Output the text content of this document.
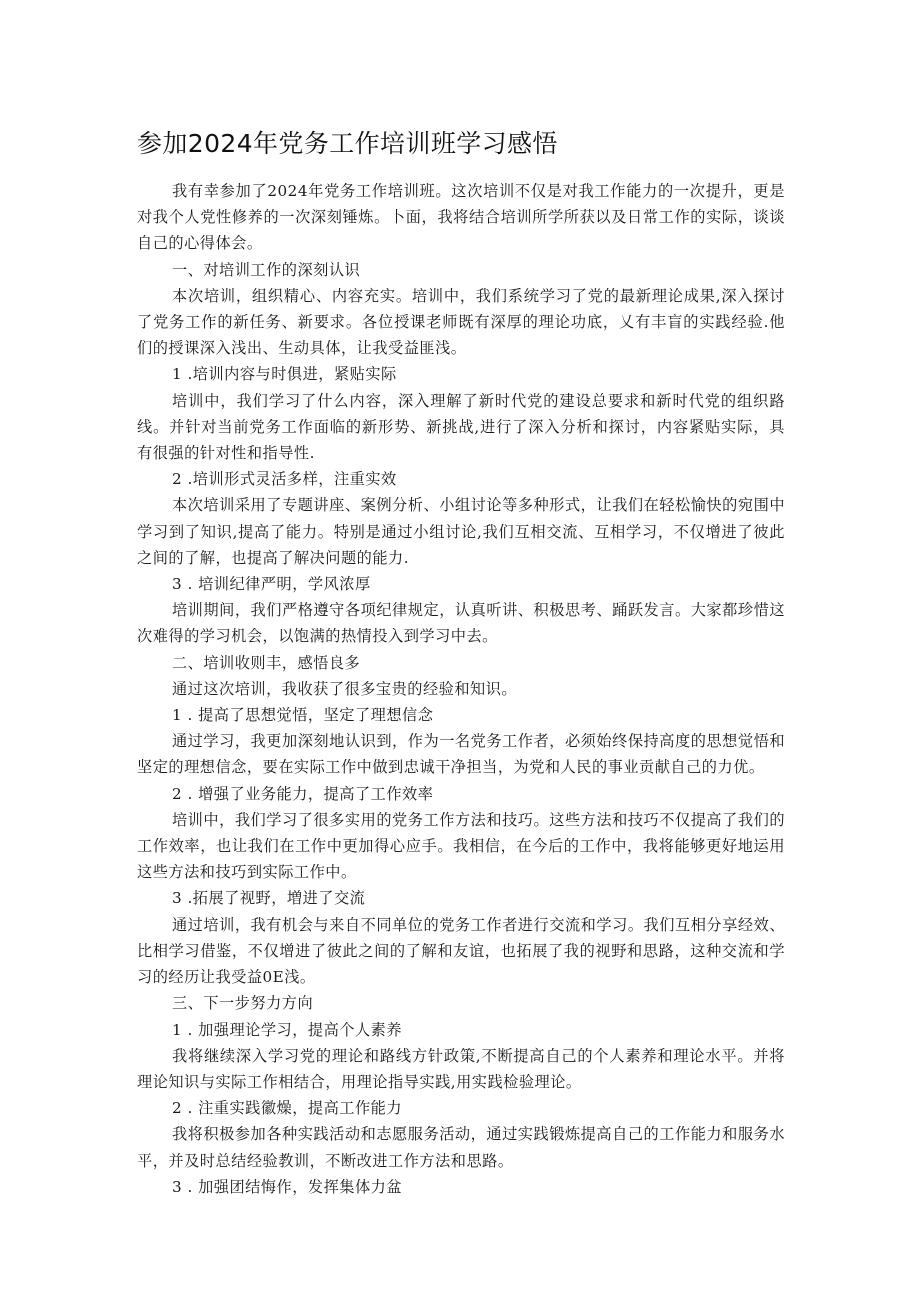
参加2024年党务工作培训班学习感悟

我有幸参加了2024年党务工作培训班。这次培训不仅是对我工作能力的一次提升，更是对我个人党性修养的一次深刻锤炼。卜面，我将结合培训所学所获以及日常工作的实际，谈谈自己的心得体会。

一、对培训工作的深刻认识

本次培训，组织精心、内容充实。培训中，我们系统学习了党的最新理论成果,深入探讨了党务工作的新任务、新要求。各位授课老师既有深厚的理论功底，乂有丰盲的实践经验.他们的授课深入浅出、生动具体，让我受益匪浅。

1 .培训内容与时俱进，紧贴实际

培训中，我们学习了什么内容，深入理解了新时代党的建设总要求和新时代党的组织路线。并针对当前党务工作面临的新形势、新挑战,进行了深入分析和探讨，内容紧贴实际，具有很强的针对性和指导性.

2 .培训形式灵活多样，注重实效

本次培训采用了专题讲座、案例分析、小组讨论等多种形式，让我们在轻松愉快的宛围中学习到了知识,提高了能力。特别是通过小组讨论,我们互相交流、互相学习，不仅增进了彼此之间的了解，也提高了解决问题的能力.

3 . 培训纪律严明，学风浓厚

培训期间，我们严格遵守各项纪律规定，认真听讲、积极思考、踊跃发言。大家都珍惜这次难得的学习机会，以饱满的热情投入到学习中去。

二、培训收则丰，感悟良多

通过这次培训，我收获了很多宝贵的经验和知识。

1 . 提高了思想觉悟，坚定了理想信念

通过学习，我更加深刻地认识到，作为一名党务工作者，必须始终保持高度的思想觉悟和坚定的理想信念，要在实际工作中做到忠诚干净担当，为党和人民的事业贡献自己的力优。

2 . 增强了业务能力，提高了工作效率

培训中，我们学习了很多实用的党务工作方法和技巧。这些方法和技巧不仅提高了我们的工作效率，也让我们在工作中更加得心应手。我相信，在今后的工作中，我将能够更好地运用这些方法和技巧到实际工作中。

3 .拓展了视野，増进了交流

通过培训，我有机会与来自不同单位的党务工作者进行交流和学习。我们互相分享经效、比相学习借鉴，不仅增进了彼此之间的了解和友谊，也拓展了我的视野和思路，这种交流和学习的经历让我受益0E浅。

三、下一步努力方向

1 . 加强理论学习，提高个人素养

我将继续深入学习党的理论和路线方针政策,不断提高自己的个人素养和理论水平。并将理论知识与实际工作相结合，用理论指导实践,用实践检验理论。

2 . 注重实践徽燥，提高工作能力

我将积极参加各种实践活动和志愿服务活动，通过实践锻炼提高自己的工作能力和服务水平，并及时总结经验教训，不断改进工作方法和思路。

3 . 加强团结悔作，发挥集体力盆
